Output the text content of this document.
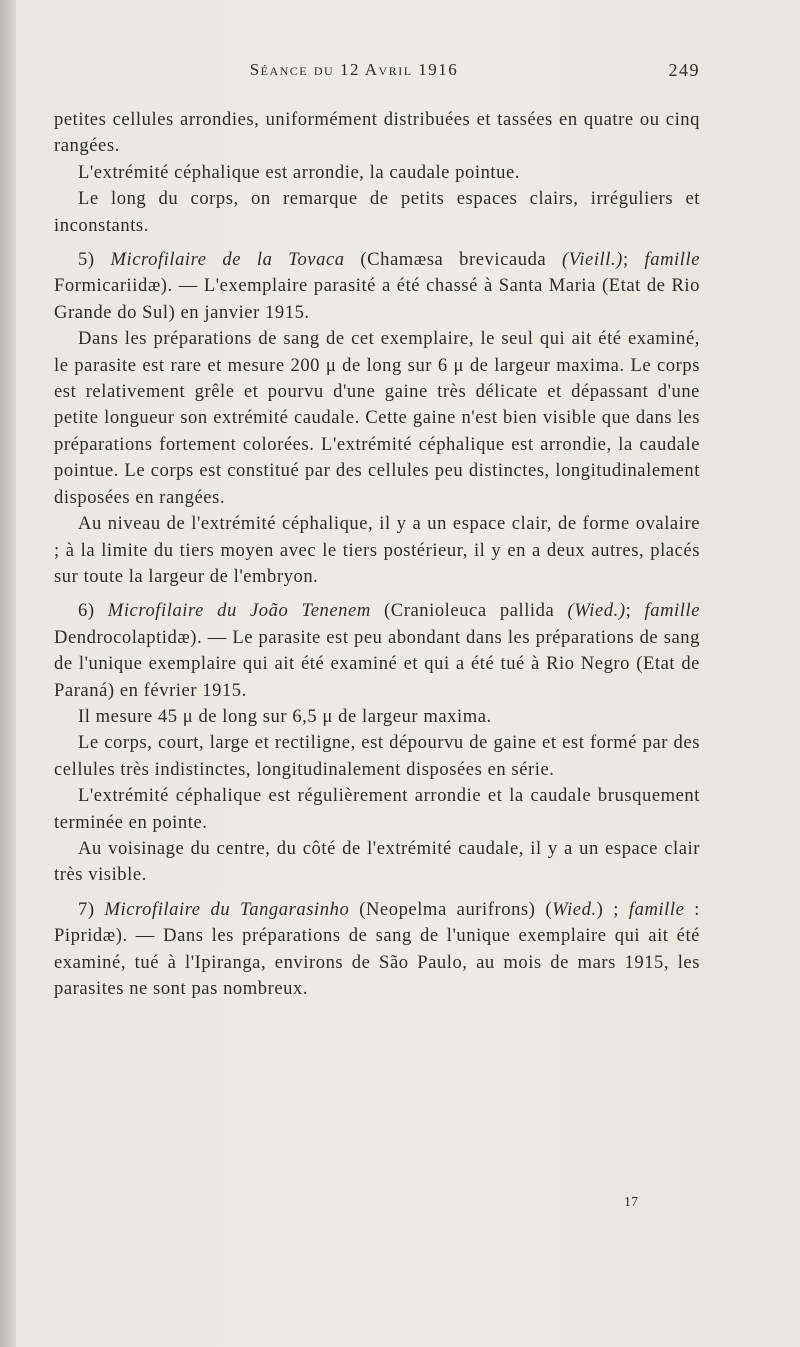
Séance du 12 Avril 1916	249

petites cellules arrondies, uniformément distribuées et tassées en quatre ou cinq rangées.

L'extrémité céphalique est arrondie, la caudale pointue.

Le long du corps, on remarque de petits espaces clairs, irréguliers et inconstants.

5) Microfilaire de la Tovaca (Chamæsa brevicauda (Vieill.); famille Formicariidæ). — L'exemplaire parasité a été chassé à Santa Maria (Etat de Rio Grande do Sul) en janvier 1915.

Dans les préparations de sang de cet exemplaire, le seul qui ait été examiné, le parasite est rare et mesure 200 μ de long sur 6 μ de largeur maxima. Le corps est relativement grêle et pourvu d'une gaine très délicate et dépassant d'une petite longueur son extrémité caudale. Cette gaine n'est bien visible que dans les préparations fortement colorées. L'extrémité céphalique est arrondie, la caudale pointue. Le corps est constitué par des cellules peu distinctes, longitudinalement disposées en rangées.

Au niveau de l'extrémité céphalique, il y a un espace clair, de forme ovalaire ; à la limite du tiers moyen avec le tiers postérieur, il y en a deux autres, placés sur toute la largeur de l'embryon.

6) Microfilaire du João Tenenem (Cranioleuca pallida (Wied.); famille Dendrocolaptidæ). — Le parasite est peu abondant dans les préparations de sang de l'unique exemplaire qui ait été examiné et qui a été tué à Rio Negro (Etat de Paraná) en février 1915.

Il mesure 45 μ de long sur 6,5 μ de largeur maxima.

Le corps, court, large et rectiligne, est dépourvu de gaine et est formé par des cellules très indistinctes, longitudinalement disposées en série.

L'extrémité céphalique est régulièrement arrondie et la caudale brusquement terminée en pointe.

Au voisinage du centre, du côté de l'extrémité caudale, il y a un espace clair très visible.

7) Microfilaire du Tangarasinho (Neopelma aurifrons) (Wied.) ; famille : Pipridæ). — Dans les préparations de sang de l'unique exemplaire qui ait été examiné, tué à l'Ipiranga, environs de São Paulo, au mois de mars 1915, les parasites ne sont pas nombreux.

17
